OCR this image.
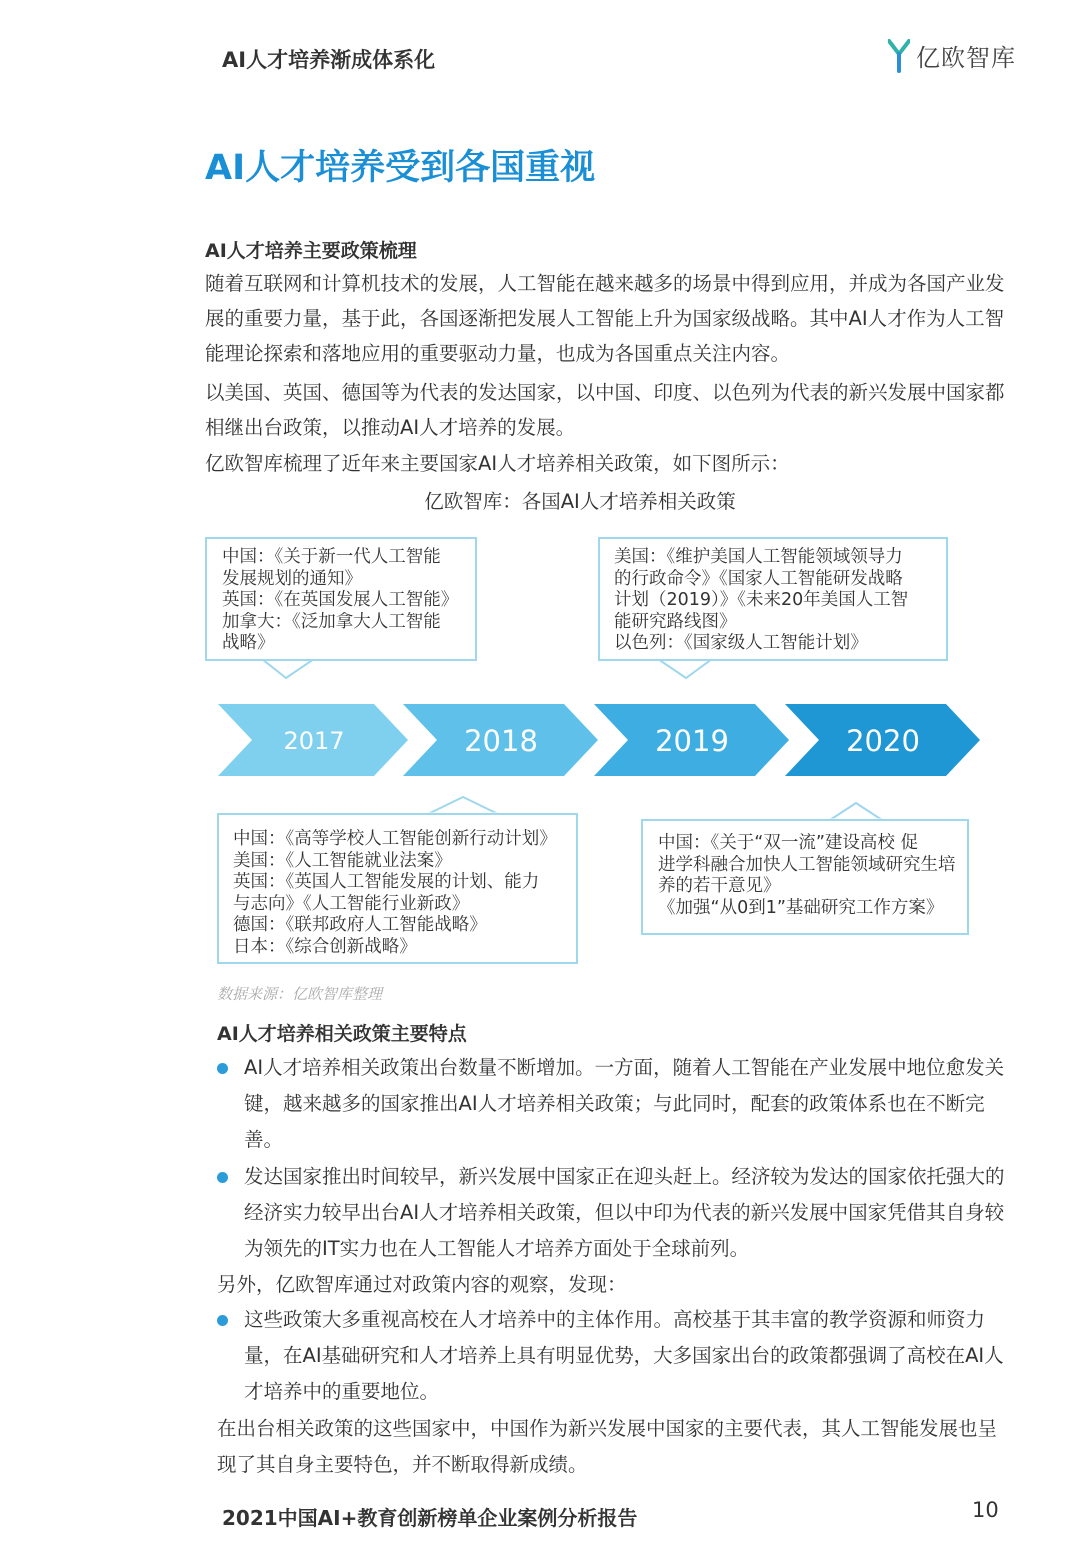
AI人才培养渐成体系化	亿欧智库
AI人才培养受到各国重视
AI人才培养主要政策梳理

随着互联网和计算机技术的发展，人工智能在越来越多的场景中得到应用，并成为各国产业发展的重要力量，基于此，各国逐渐把发展人工智能上升为国家级战略。其中AI人才作为人工智能理论探索和落地应用的重要驱动力量，也成为各国重点关注内容。

以美国、英国、德国等为代表的发达国家，以中国、印度、以色列为代表的新兴发展中国家都相继出台政策，以推动AI人才培养的发展。

亿欧智库梳理了近年来主要国家AI人才培养相关政策，如下图所示：

亿欧智库：各国AI人才培养相关政策
2017	2018	2019	2020
中国：《关于新一代人工智能
发展规划的通知》
英国：《在英国发展人工智能》
加拿大：《泛加拿大人工智能
战略》
美国：《维护美国人工智能领域领导力
的行政命令》《国家人工智能研发战略
计划（2019）》《未来20年美国人工智
能研究路线图》
以色列：《国家级人工智能计划》
中国：《高等学校人工智能创新行动计划》
美国：《人工智能就业法案》
英国：《英国人工智能发展的计划、能力
与志向》《人工智能行业新政》
德国：《联邦政府人工智能战略》
日本：《综合创新战略》
中国：《关于“双一流”建设高校 促
进学科融合加快人工智能领域研究生培
养的若干意见》
《加强“从0到1”基础研究工作方案》
数据来源：亿欧智库整理
AI人才培养相关政策主要特点
AI人才培养相关政策出台数量不断增加。一方面，随着人工智能在产业发展中地位愈发关键，越来越多的国家推出AI人才培养相关政策；与此同时，配套的政策体系也在不断完善。
发达国家推出时间较早，新兴发展中国家正在迎头赶上。经济较为发达的国家依托强大的经济实力较早出台AI人才培养相关政策，但以中印为代表的新兴发展中国家凭借其自身较为领先的IT实力也在人工智能人才培养方面处于全球前列。
另外，亿欧智库通过对政策内容的观察，发现：
这些政策大多重视高校在人才培养中的主体作用。高校基于其丰富的教学资源和师资力量，在AI基础研究和人才培养上具有明显优势，大多国家出台的政策都强调了高校在AI人才培养中的重要地位。
在出台相关政策的这些国家中，中国作为新兴发展中国家的主要代表，其人工智能发展也呈现了其自身主要特色，并不断取得新成绩。
2021中国AI+教育创新榜单企业案例分析报告	10
